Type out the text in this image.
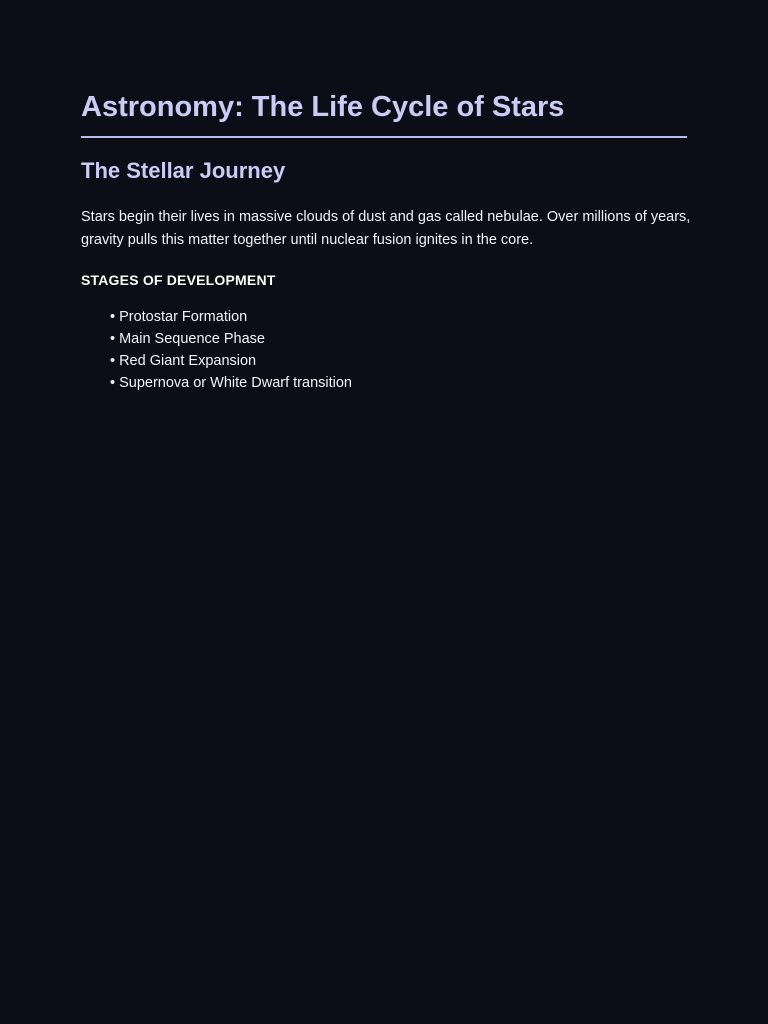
Astronomy: The Life Cycle of Stars
The Stellar Journey

Stars begin their lives in massive clouds of dust and gas called nebulae. Over millions of years, gravity pulls this matter together until nuclear fusion ignites in the core.

STAGES OF DEVELOPMENT
• Protostar Formation
• Main Sequence Phase
• Red Giant Expansion
• Supernova or White Dwarf transition
